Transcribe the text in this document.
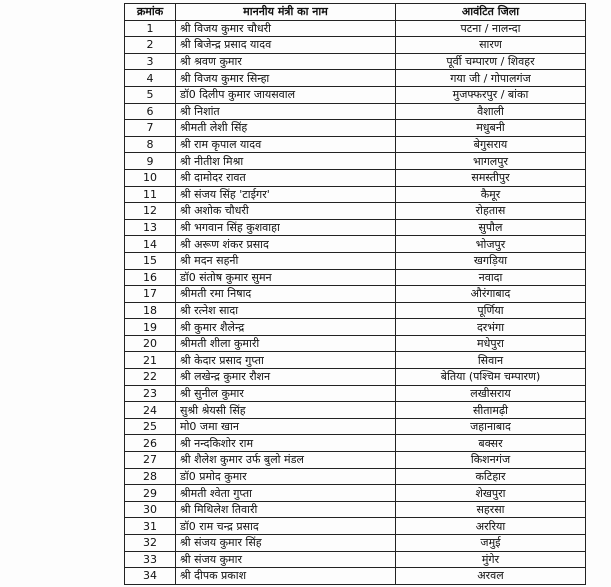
क्रमांक	माननीय मंत्री का नाम	आवंटित जिला
1	श्री विजय कुमार चौधरी	पटना / नालन्दा
2	श्री बिजेन्द्र प्रसाद यादव	सारण
3	श्री श्रवण कुमार	पूर्वी चम्पारण / शिवहर
4	श्री विजय कुमार सिन्हा	गया जी / गोपालगंज
5	डॉ0 दिलीप कुमार जायसवाल	मुजफ्फरपुर / बांका
6	श्री निशांत	वैशाली
7	श्रीमती लेशी सिंह	मधुबनी
8	श्री राम कृपाल यादव	बेगुसराय
9	श्री नीतीश मिश्रा	भागलपुर
10	श्री दामोदर रावत	समस्तीपुर
11	श्री संजय सिंह 'टाईगर'	कैमूर
12	श्री अशोक चौधरी	रोहतास
13	श्री भगवान सिंह कुशवाहा	सुपौल
14	श्री अरूण शंकर प्रसाद	भोजपुर
15	श्री मदन सहनी	खगड़िया
16	डॉ0 संतोष कुमार सुमन	नवादा
17	श्रीमती रमा निषाद	औरंगाबाद
18	श्री रत्नेश सादा	पूर्णिया
19	श्री कुमार शैलेन्द्र	दरभंगा
20	श्रीमती शीला कुमारी	मधेपुरा
21	श्री केदार प्रसाद गुप्ता	सिवान
22	श्री लखेन्द्र कुमार रौशन	बेतिया (पश्चिम चम्पारण)
23	श्री सुनील कुमार	लखीसराय
24	सुश्री श्रेयसी सिंह	सीतामढ़ी
25	मो0 जमा खान	जहानाबाद
26	श्री नन्दकिशोर राम	बक्सर
27	श्री शैलेश कुमार उर्फ बुलो मंडल	किशनगंज
28	डॉ0 प्रमोद कुमार	कटिहार
29	श्रीमती श्वेता गुप्ता	शेखपुरा
30	श्री मिथिलेश तिवारी	सहरसा
31	डॉ0 राम चन्द्र प्रसाद	अररिया
32	श्री संजय कुमार सिंह	जमुई
33	श्री संजय कुमार	मुंगेर
34	श्री दीपक प्रकाश	अरवल
